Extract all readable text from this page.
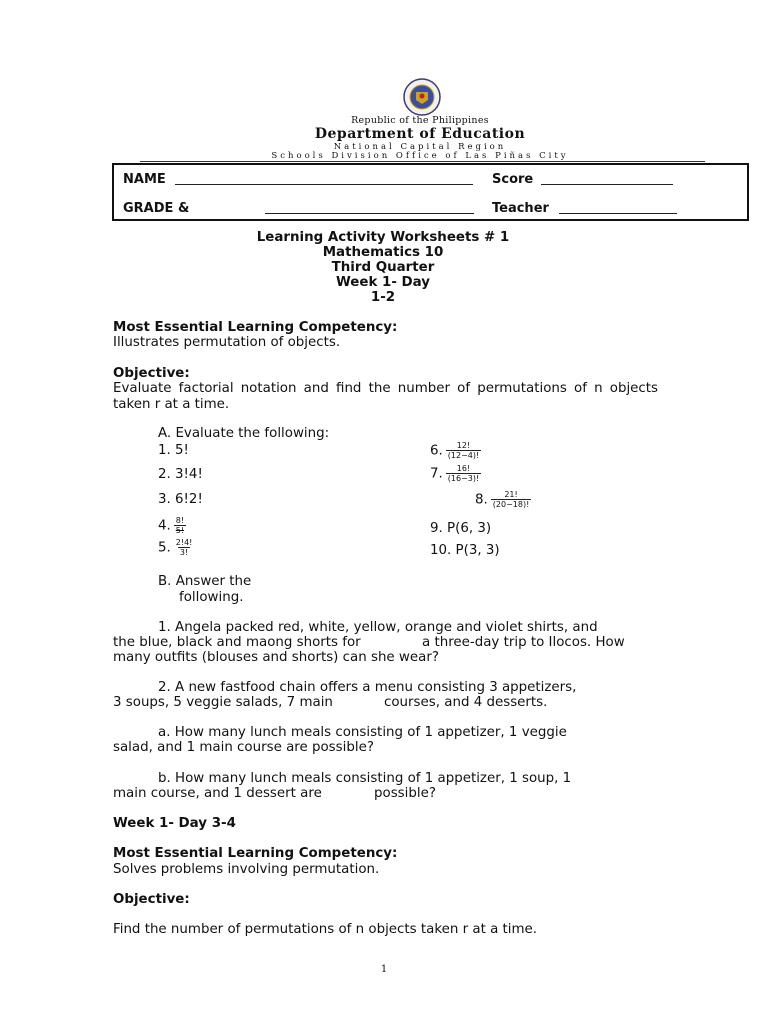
Republic of the Philippines
Department of Education
National Capital Region
Schools Division Office of Las Piñas City
NAME	Score
GRADE &	Teacher
Learning Activity Worksheets # 1
Mathematics 10
Third Quarter
Week 1- Day
1-2
Most Essential Learning Competency:
Illustrates permutation of objects.
Objective:
Evaluate factorial notation and find the number of permutations of n objects taken r at a time.
A. Evaluate the following:
1. 5!
2. 3!4!
3. 6!2!
4. $\frac{8!}{5!}$
5. $\frac{2!4!}{3!}$
6. $\frac{12!}{(12-4)!}$
7. $\frac{16!}{(16-3)!}$
8. $\frac{21!}{(20-18)!}$
9. P(6, 3)
10. P(3, 3)
B. Answer the
following.
1. Angela packed red, white, yellow, orange and violet shirts, and
the blue, black and maong shorts for	a three-day trip to Ilocos. How
many outfits (blouses and shorts) can she wear?
2. A new fastfood chain offers a menu consisting 3 appetizers,
3 soups, 5 veggie salads, 7 main	courses, and 4 desserts.
a. How many lunch meals consisting of 1 appetizer, 1 veggie
salad, and 1 main course are possible?
b. How many lunch meals consisting of 1 appetizer, 1 soup, 1
main course, and 1 dessert are	possible?
Week 1- Day 3-4
Most Essential Learning Competency:
Solves problems involving permutation.
Objective:
Find the number of permutations of n objects taken r at a time.
1
